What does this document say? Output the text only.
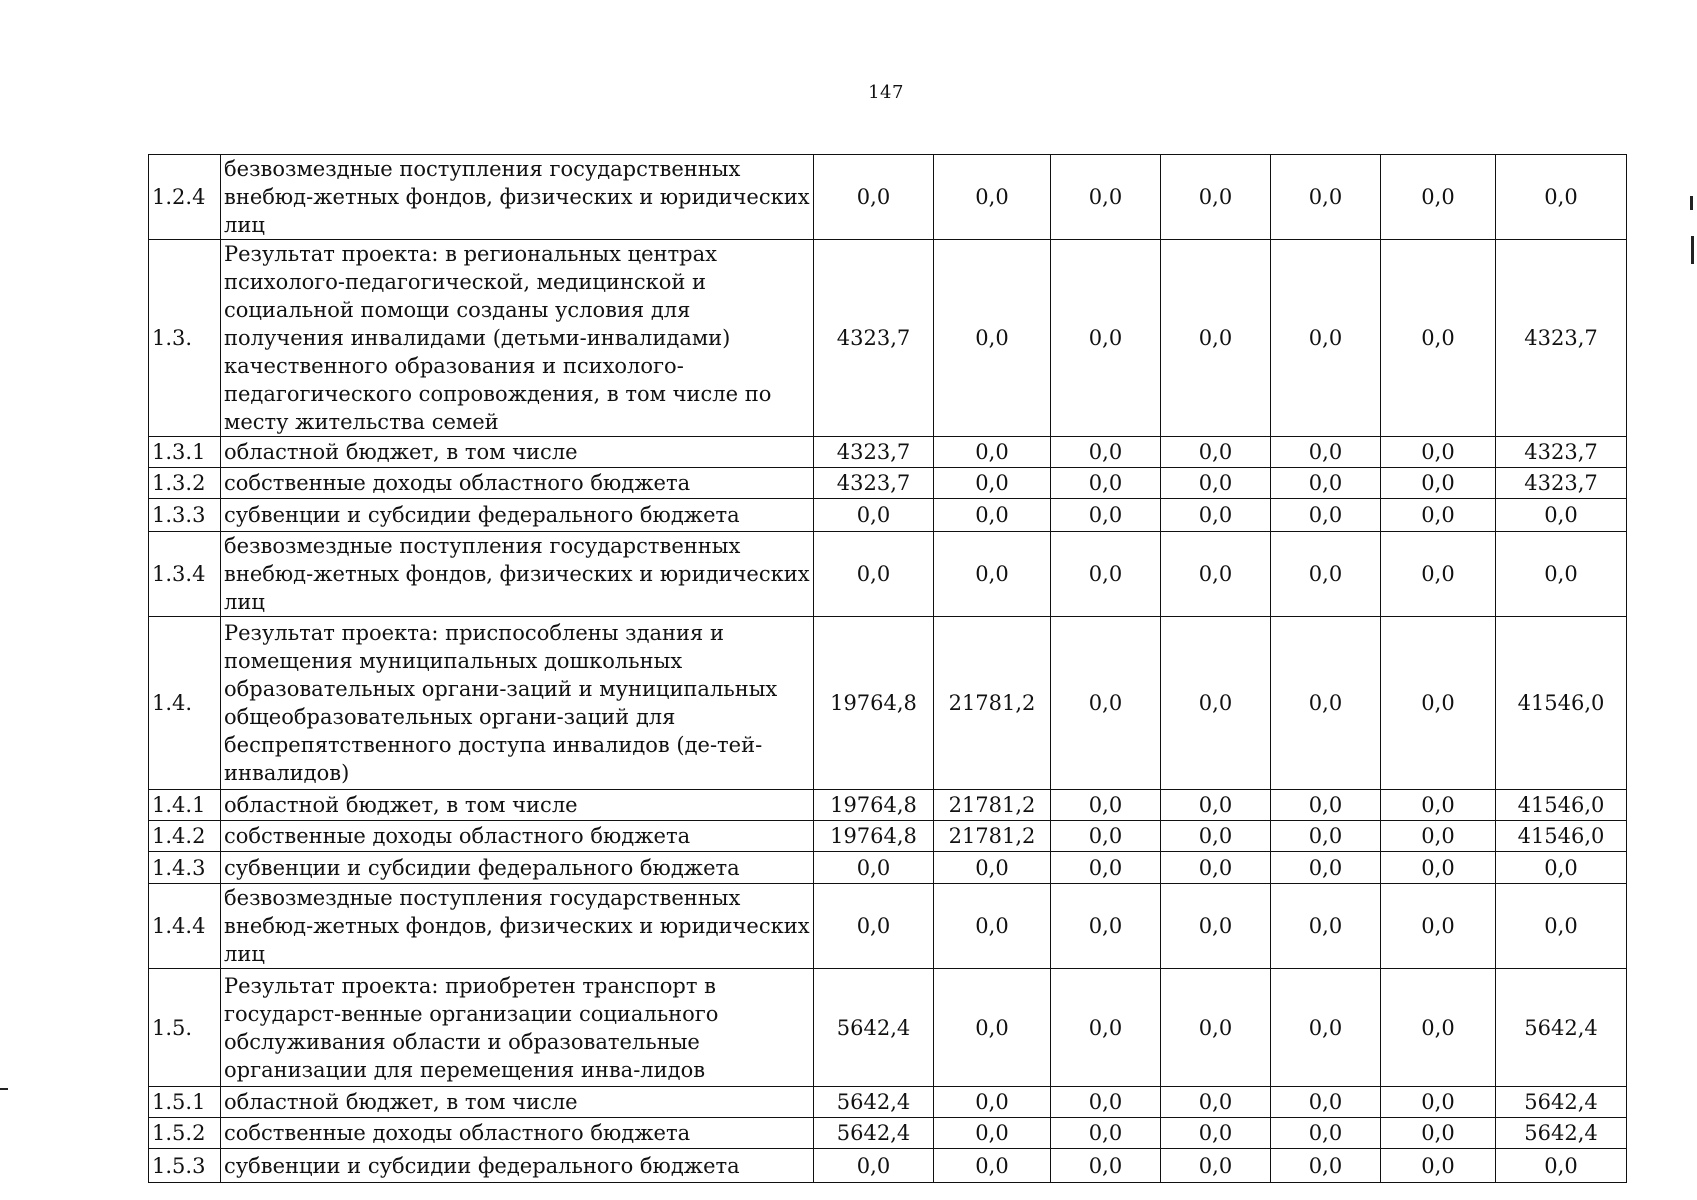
147
1.2.4	безвозмездные поступления государственных внебюд-жетных фондов, физических и юридических лиц	0,0	0,0	0,0	0,0	0,0	0,0	0,0
1.3.	Результат проекта: в региональных центрах психолого-педагогической, медицинской и социальной помощи созданы условия для получения инвалидами (детьми-инвалидами) качественного образования и психолого-педагогического сопровождения, в том числе по месту жительства семей	4323,7	0,0	0,0	0,0	0,0	0,0	4323,7
1.3.1	областной бюджет, в том числе	4323,7	0,0	0,0	0,0	0,0	0,0	4323,7
1.3.2	собственные доходы областного бюджета	4323,7	0,0	0,0	0,0	0,0	0,0	4323,7
1.3.3	субвенции и субсидии федерального бюджета	0,0	0,0	0,0	0,0	0,0	0,0	0,0
1.3.4	безвозмездные поступления государственных внебюд-жетных фондов, физических и юридических лиц	0,0	0,0	0,0	0,0	0,0	0,0	0,0
1.4.	Результат проекта: приспособлены здания и помещения муниципальных дошкольных образовательных органи-заций и муниципальных общеобразовательных органи-заций для беспрепятственного доступа инвалидов (де-тей-инвалидов)	19764,8	21781,2	0,0	0,0	0,0	0,0	41546,0
1.4.1	областной бюджет, в том числе	19764,8	21781,2	0,0	0,0	0,0	0,0	41546,0
1.4.2	собственные доходы областного бюджета	19764,8	21781,2	0,0	0,0	0,0	0,0	41546,0
1.4.3	субвенции и субсидии федерального бюджета	0,0	0,0	0,0	0,0	0,0	0,0	0,0
1.4.4	безвозмездные поступления государственных внебюд-жетных фондов, физических и юридических лиц	0,0	0,0	0,0	0,0	0,0	0,0	0,0
1.5.	Результат проекта: приобретен транспорт в государст-венные организации социального обслуживания области и образовательные организации для перемещения инва-лидов	5642,4	0,0	0,0	0,0	0,0	0,0	5642,4
1.5.1	областной бюджет, в том числе	5642,4	0,0	0,0	0,0	0,0	0,0	5642,4
1.5.2	собственные доходы областного бюджета	5642,4	0,0	0,0	0,0	0,0	0,0	5642,4
1.5.3	субвенции и субсидии федерального бюджета	0,0	0,0	0,0	0,0	0,0	0,0	0,0
